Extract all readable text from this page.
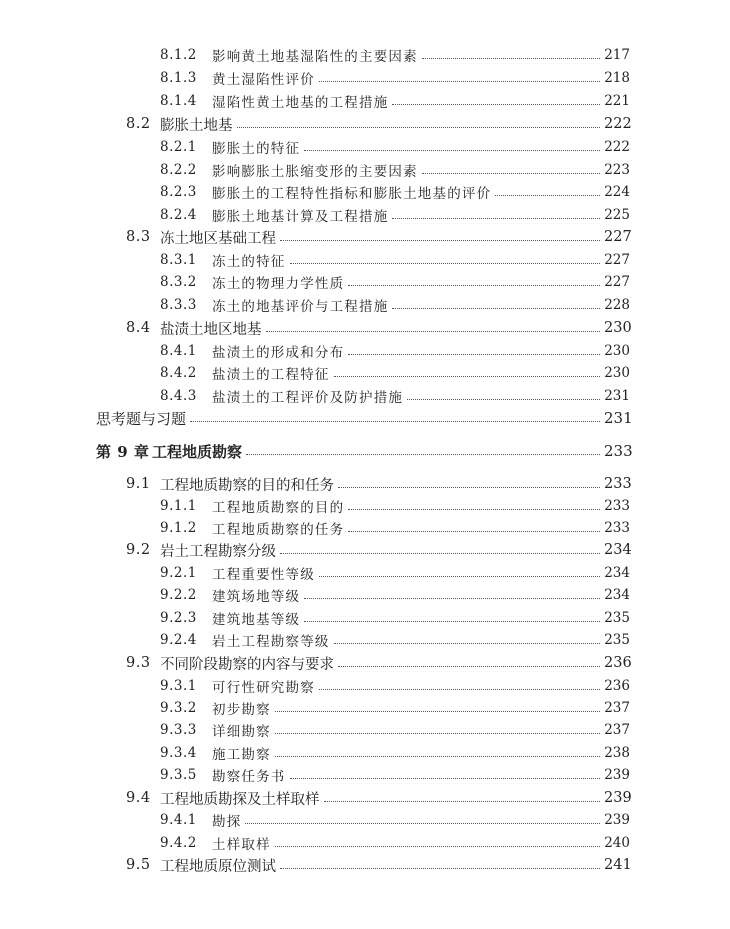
8.1.2	影响黄土地基湿陷性的主要因素	217
8.1.3	黄土湿陷性评价	218
8.1.4	湿陷性黄土地基的工程措施	221
8.2 膨胀土地基	222
8.2.1	膨胀土的特征	222
8.2.2	影响膨胀土胀缩变形的主要因素	223
8.2.3	膨胀土的工程特性指标和膨胀土地基的评价	224
8.2.4	膨胀土地基计算及工程措施	225
8.3 冻土地区基础工程	227
8.3.1	冻土的特征	227
8.3.2	冻土的物理力学性质	227
8.3.3	冻土的地基评价与工程措施	228
8.4 盐渍土地区地基	230
8.4.1	盐渍土的形成和分布	230
8.4.2	盐渍土的工程特征	230
8.4.3	盐渍土的工程评价及防护措施	231
思考题与习题	231
第 9 章 工程地质勘察	233
9.1 工程地质勘察的目的和任务	233
9.1.1	工程地质勘察的目的	233
9.1.2	工程地质勘察的任务	233
9.2 岩土工程勘察分级	234
9.2.1	工程重要性等级	234
9.2.2	建筑场地等级	234
9.2.3	建筑地基等级	235
9.2.4	岩土工程勘察等级	235
9.3 不同阶段勘察的内容与要求	236
9.3.1	可行性研究勘察	236
9.3.2	初步勘察	237
9.3.3	详细勘察	237
9.3.4	施工勘察	238
9.3.5	勘察任务书	239
9.4 工程地质勘探及土样取样	239
9.4.1	勘探	239
9.4.2	土样取样	240
9.5 工程地质原位测试	241
